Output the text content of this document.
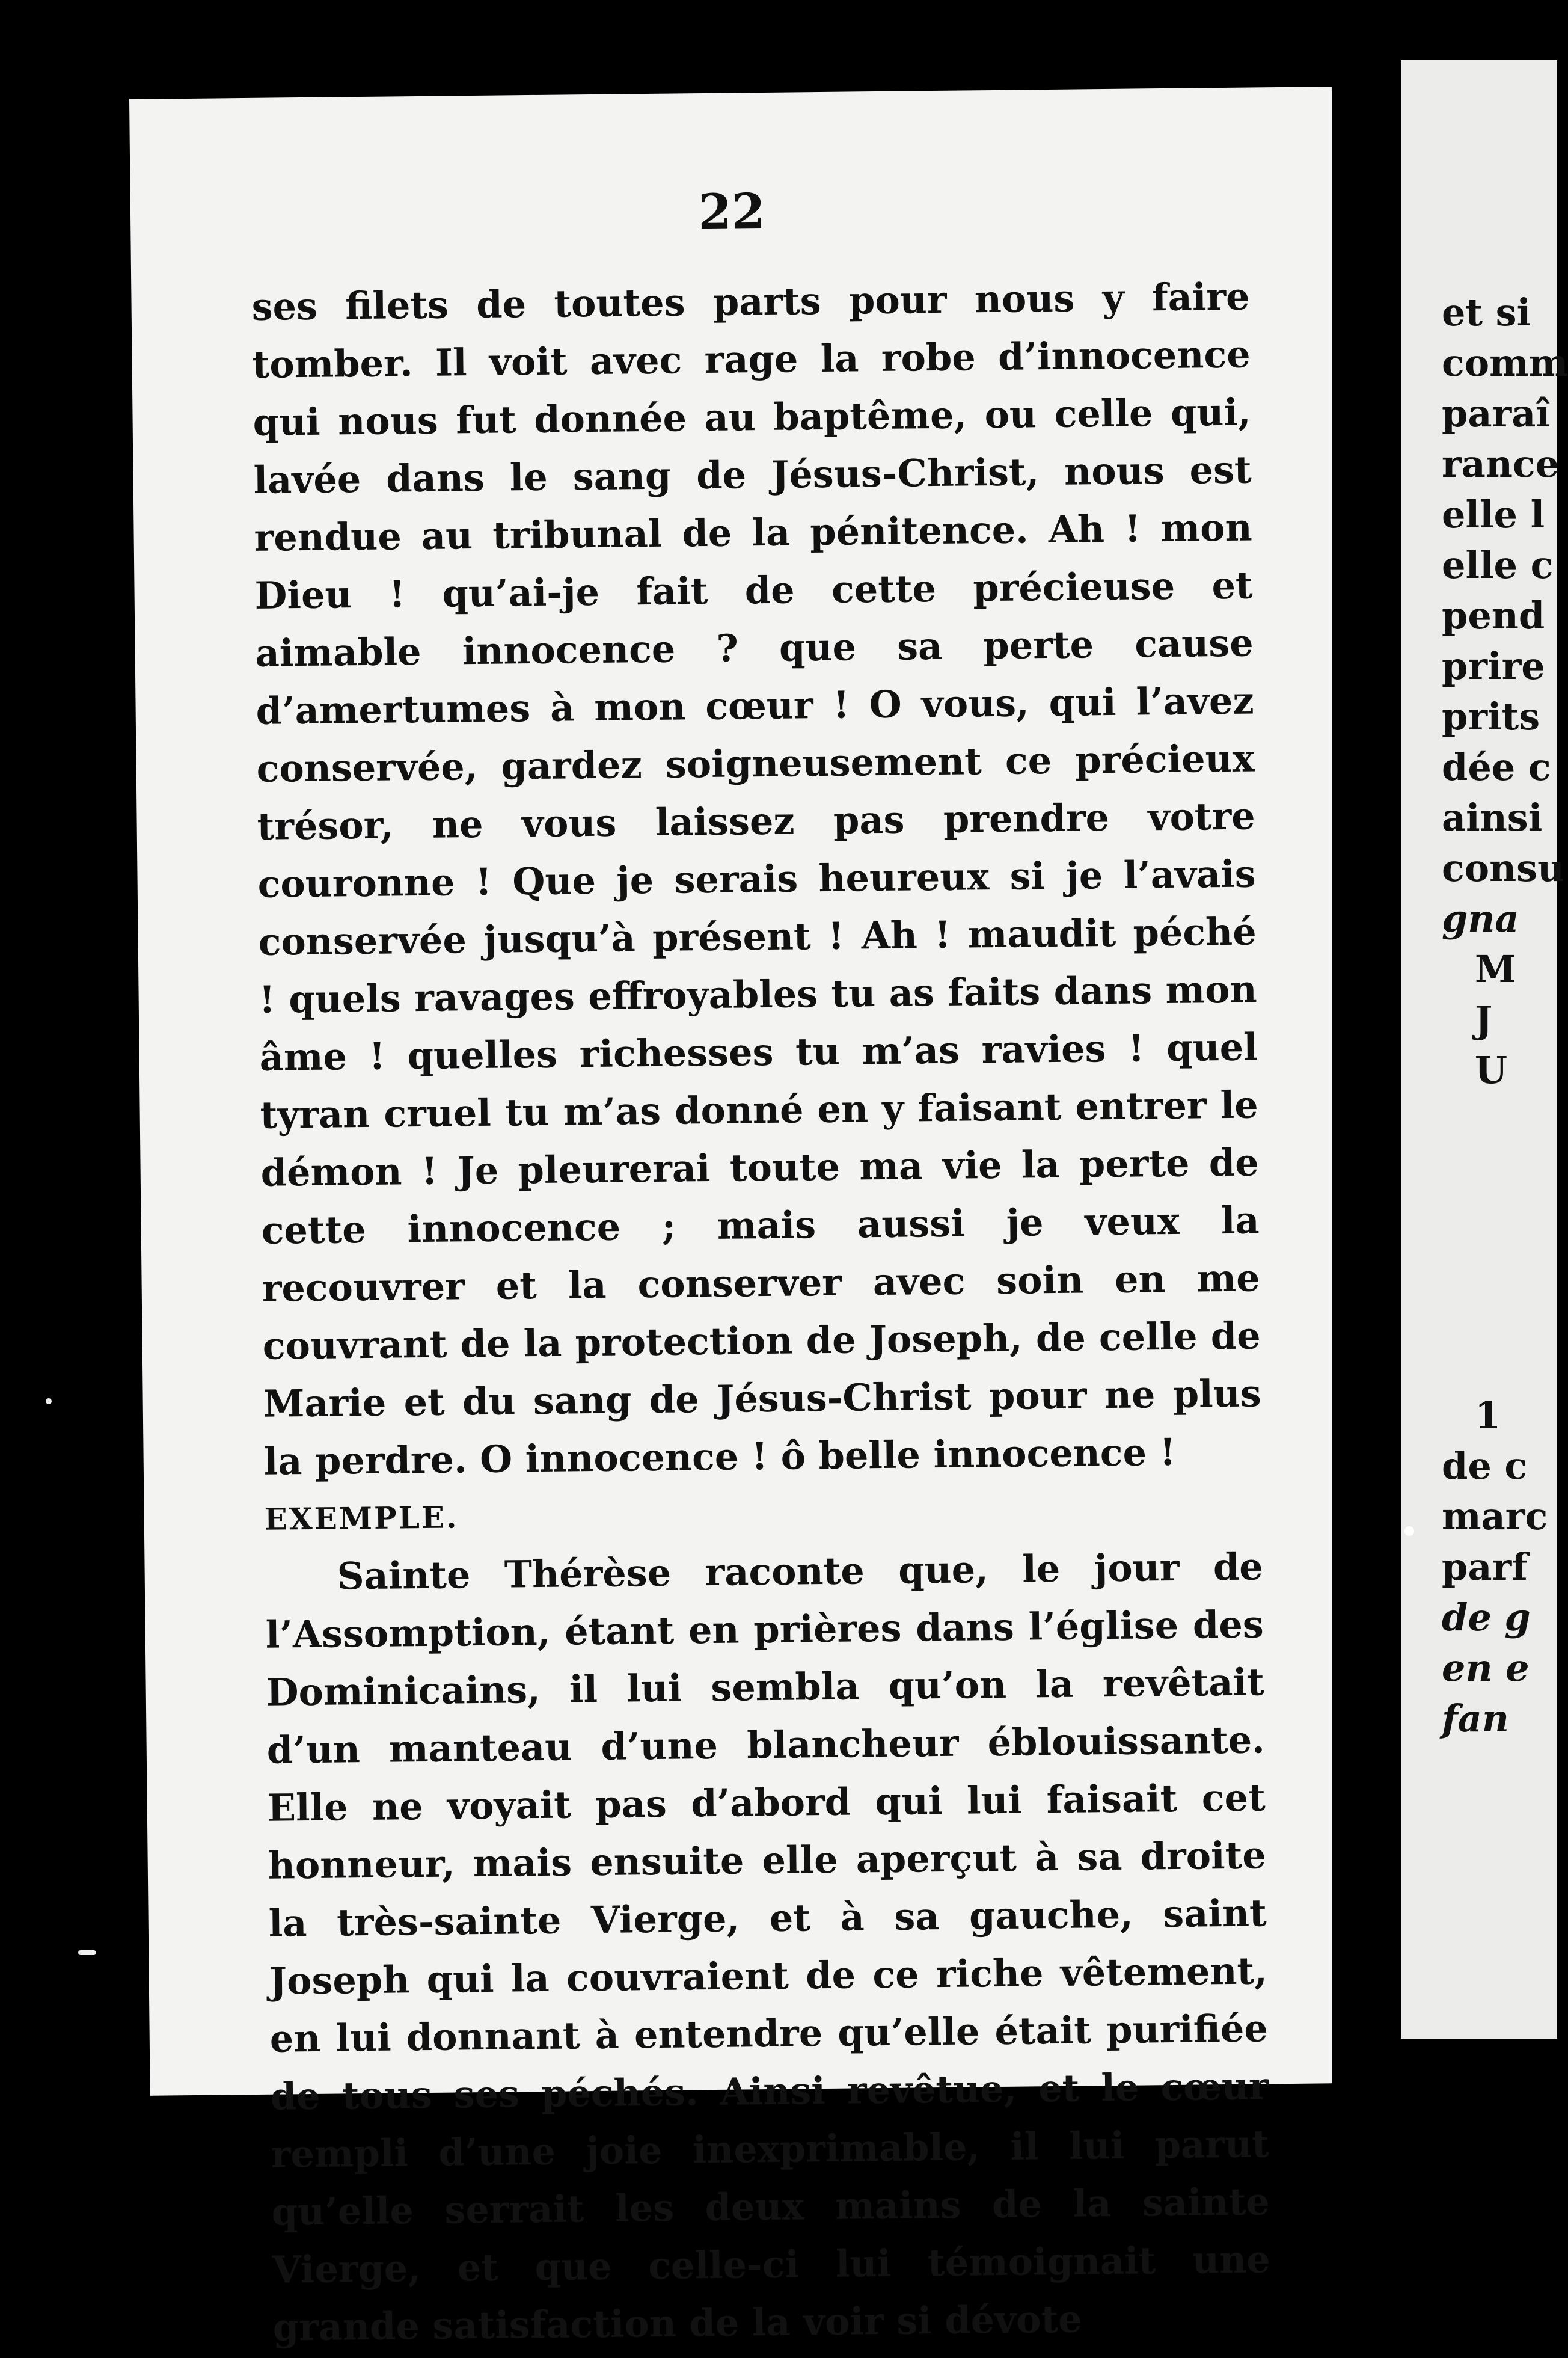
22

ses filets de toutes parts pour nous y faire tomber. Il voit avec rage la robe d’innocence qui nous fut donnée au baptême, ou celle qui, lavée dans le sang de Jésus-Christ, nous est rendue au tribunal de la pénitence. Ah ! mon Dieu ! qu’ai-je fait de cette précieuse et aimable innocence ? que sa perte cause d’amertumes à mon cœur ! O vous, qui l’avez conservée, gardez soigneusement ce précieux trésor, ne vous laissez pas prendre votre couronne ! Que je serais heureux si je l’avais conservée jusqu’à présent ! Ah ! maudit péché ! quels ravages effroyables tu as faits dans mon âme ! quelles richesses tu m’as ravies ! quel tyran cruel tu m’as donné en y faisant entrer le démon ! Je pleurerai toute ma vie la perte de cette innocence ; mais aussi je veux la recouvrer et la conserver avec soin en me couvrant de la protection de Joseph, de celle de Marie et du sang de Jésus-Christ pour ne plus la perdre. O innocence ! ô belle innocence !

EXEMPLE.

Sainte Thérèse raconte que, le jour de l’Assomption, étant en prières dans l’église des Dominicains, il lui sembla qu’on la revêtait d’un manteau d’une blancheur éblouissante. Elle ne voyait pas d’abord qui lui faisait cet honneur, mais ensuite elle aperçut à sa droite la très-sainte Vierge, et à sa gauche, saint Joseph qui la couvraient de ce riche vêtement, en lui donnant à entendre qu’elle était purifiée de tous ses péchés. Ainsi revêtue, et le cœur rempli d’une joie inexprimable, il lui parut qu’elle serrait les deux mains de la sainte Vierge, et que celle-ci lui témoignait une grande satisfaction de la voir si dévote

et si
comm
paraî
rance
elle l
elle c
pend
prire
prits
dée c
ainsi
consu
gna
M
J
U
1
de c
marc
parf
de g
en e
fan
